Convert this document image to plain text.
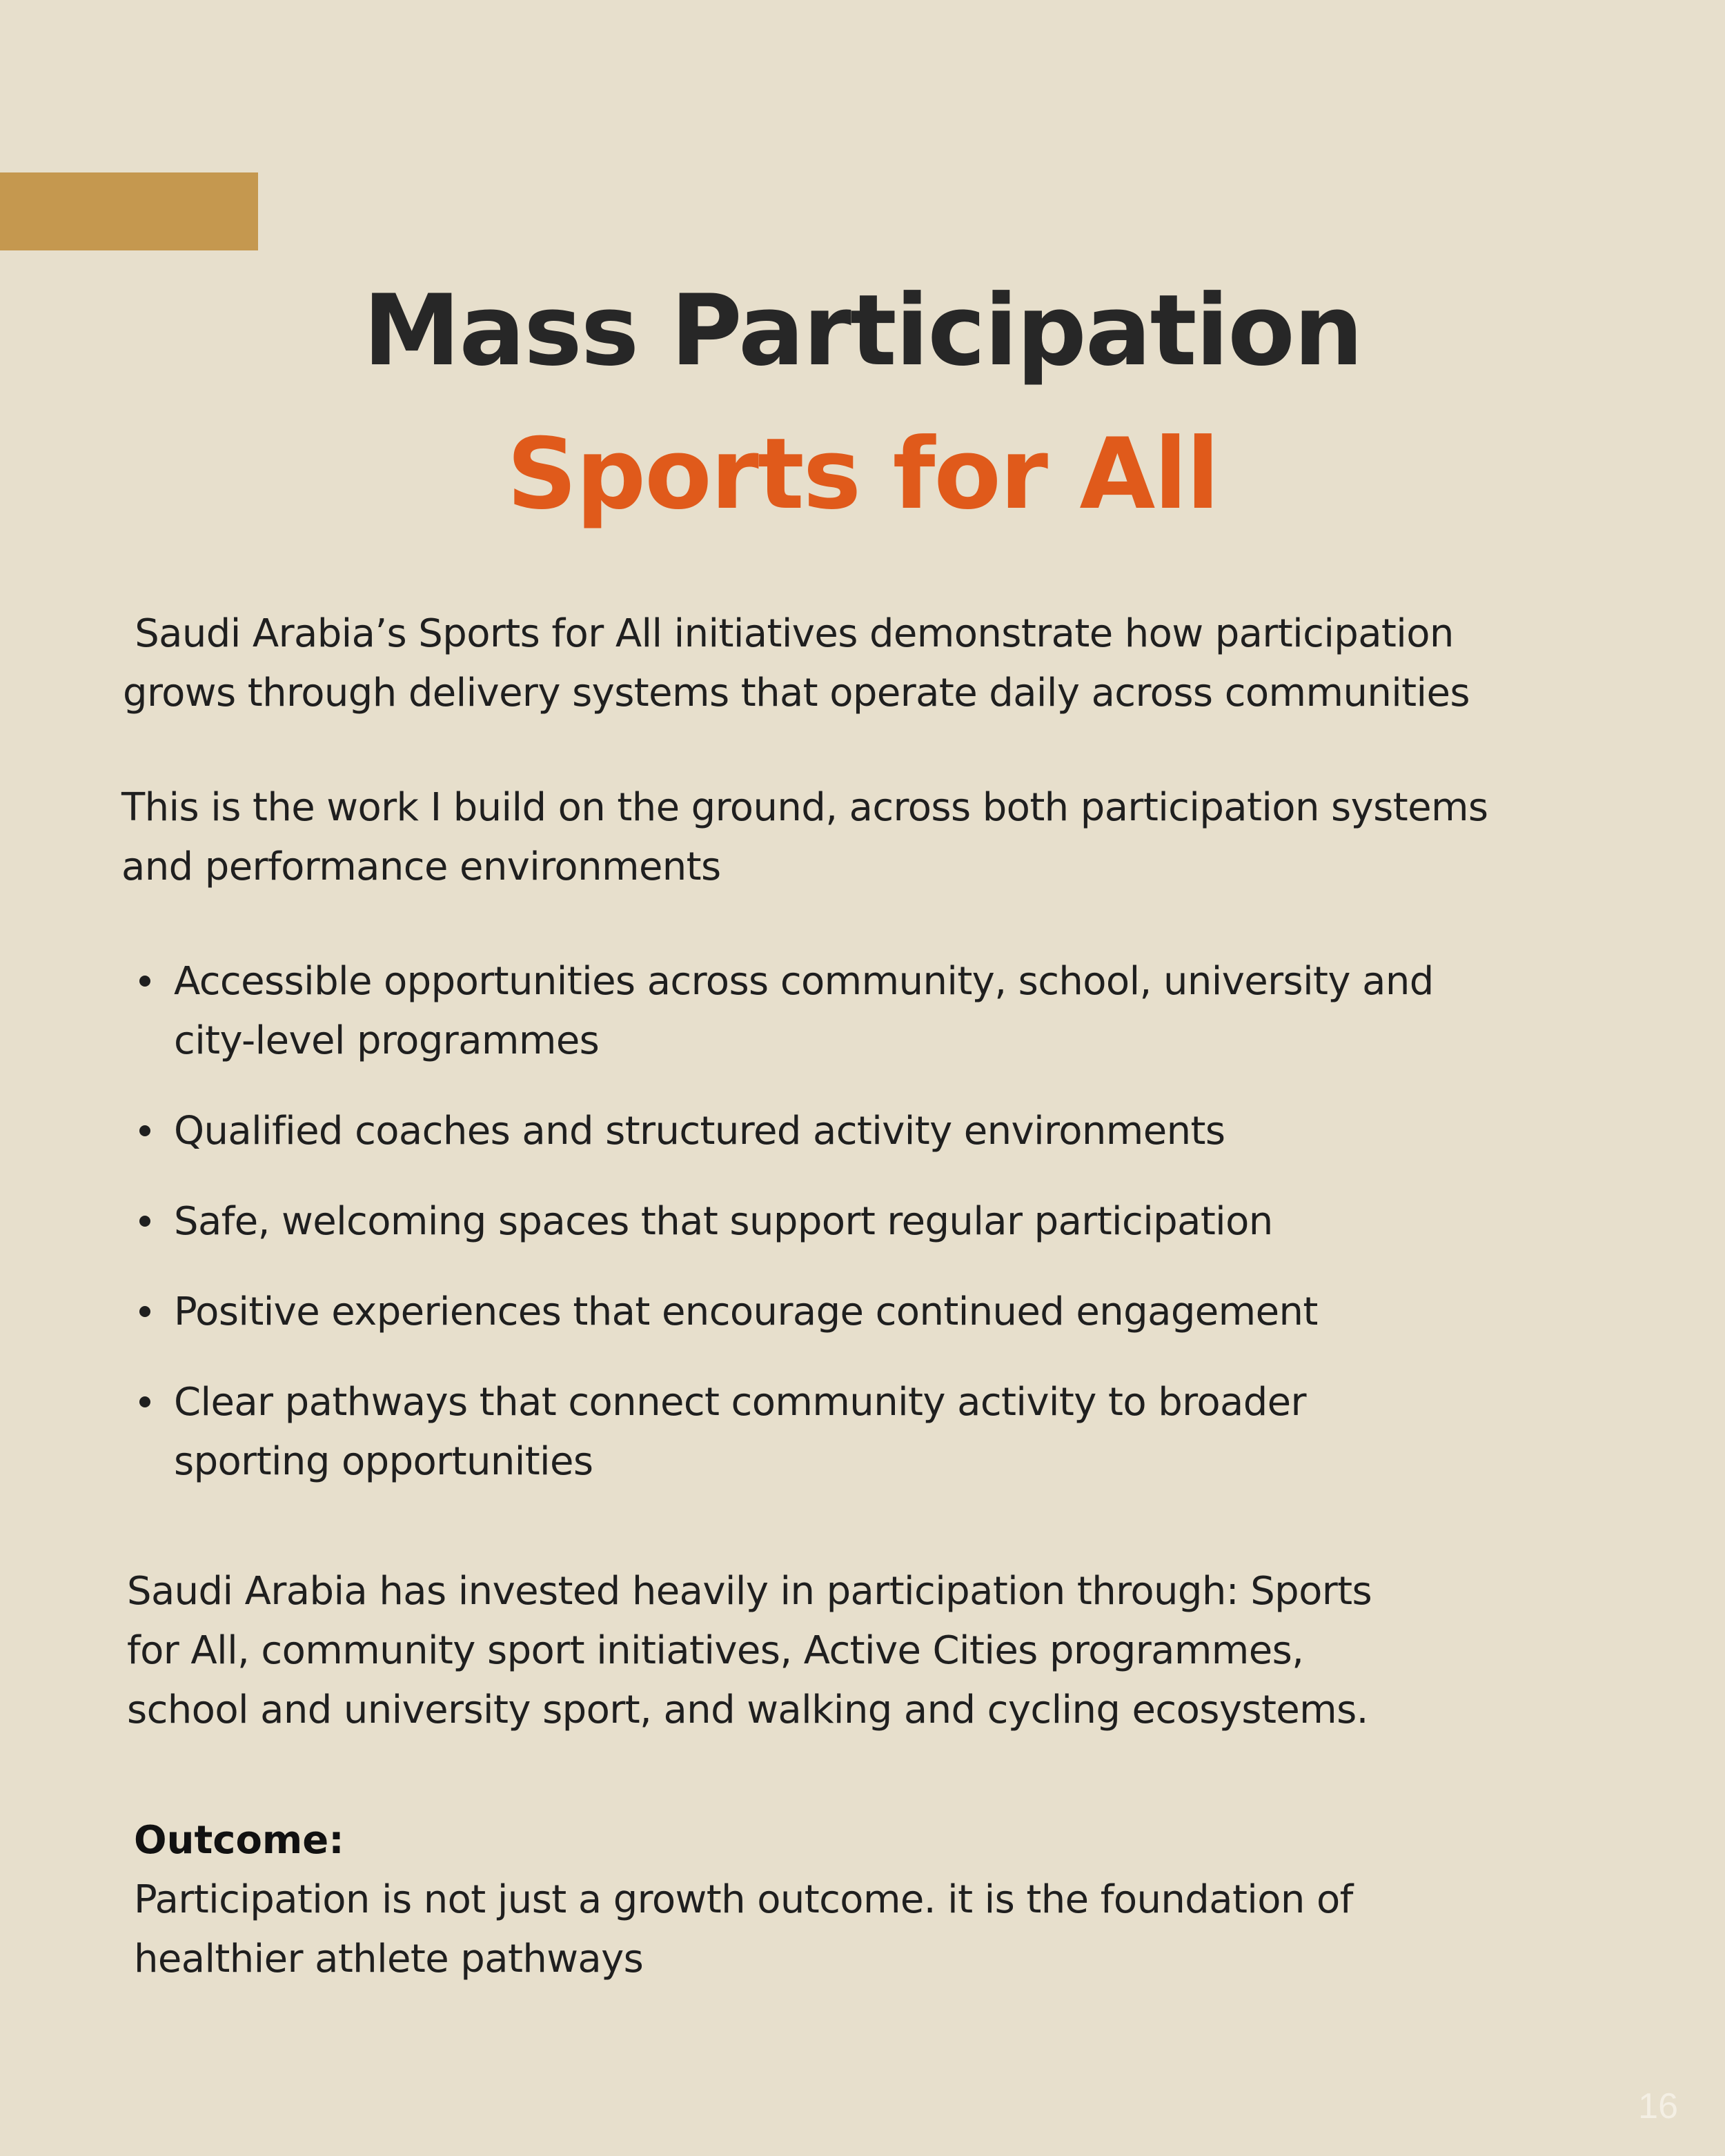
Mass Participation
Sports for All
Saudi Arabia’s Sports for All initiatives demonstrate how participation
grows through delivery systems that operate daily across communities
This is the work I build on the ground, across both participation systems
and performance environments
Accessible opportunities across community, school, university and
city-level programmes
Qualified coaches and structured activity environments
Safe, welcoming spaces that support regular participation
Positive experiences that encourage continued engagement
Clear pathways that connect community activity to broader
sporting opportunities
Saudi Arabia has invested heavily in participation through: Sports
for All, community sport initiatives, Active Cities programmes,
school and university sport, and walking and cycling ecosystems.
Outcome:
Participation is not just a growth outcome. it is the foundation of
healthier athlete pathways
16
